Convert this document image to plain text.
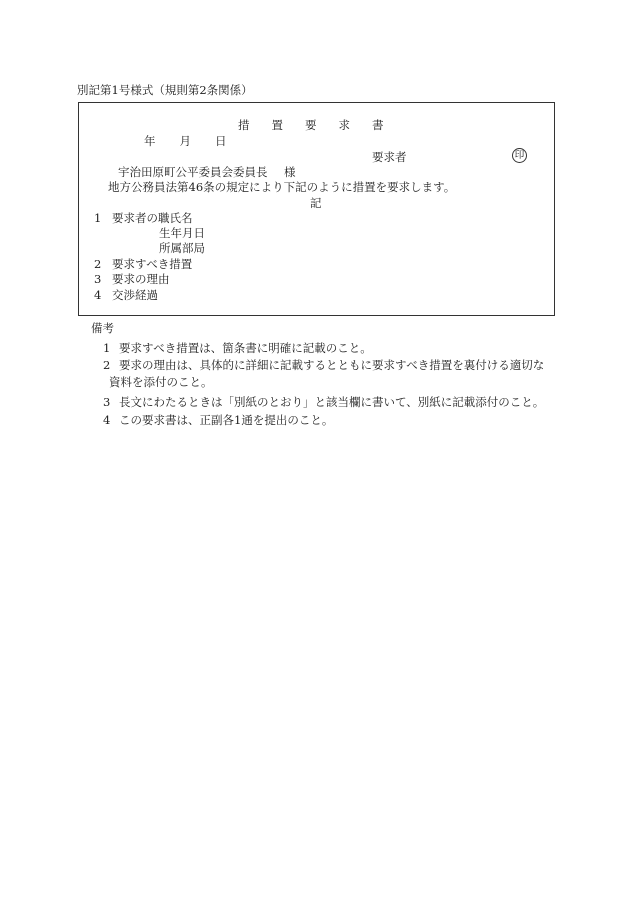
別記第1号様式（規則第2条関係）
措 置 要 求 書
年 月 日
要求者	印
宇治田原町公平委員会委員長 様
地方公務員法第46条の規定により下記のように措置を要求します。
記
1 要求者の職氏名
生年月日
所属部局
2 要求すべき措置
3 要求の理由
4 交渉経過
備考
1 要求すべき措置は、箇条書に明確に記載のこと。
2 要求の理由は、具体的に詳細に記載するとともに要求すべき措置を裏付ける適切な
資料を添付のこと。
3 長文にわたるときは「別紙のとおり」と該当欄に書いて、別紙に記載添付のこと。
4 この要求書は、正副各1通を提出のこと。
